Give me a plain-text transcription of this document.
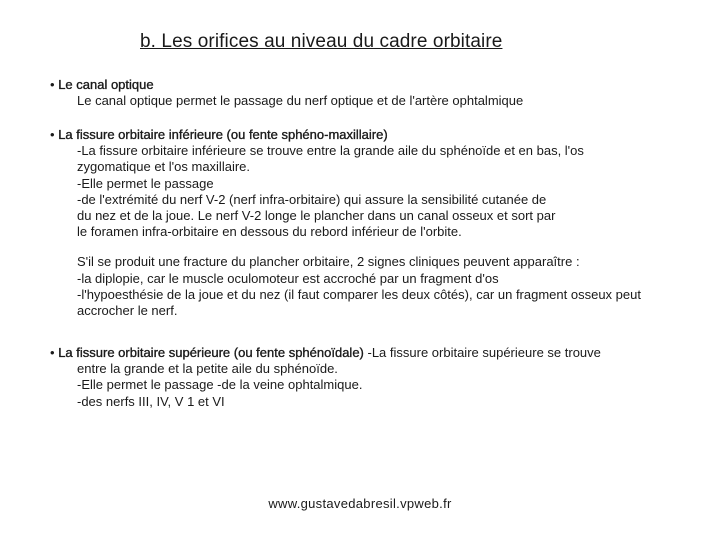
b. Les orifices au niveau du cadre orbitaire
• Le canal optique
Le canal optique permet le passage du nerf optique et de l'artère ophtalmique
• La fissure orbitaire inférieure (ou fente sphéno-maxillaire)
-La fissure orbitaire inférieure se trouve entre la grande aile du sphénoïde et en bas, l'os
zygomatique et l'os maxillaire.
-Elle permet le passage
-de l'extrémité du nerf V-2 (nerf infra-orbitaire) qui assure la sensibilité cutanée de
du nez et de la joue. Le nerf V-2 longe le plancher dans un canal osseux et sort par
le foramen infra-orbitaire en dessous du rebord inférieur de l'orbite.
S'il se produit une fracture du plancher orbitaire, 2 signes cliniques peuvent apparaître :
-la diplopie, car le muscle oculomoteur est accroché par un fragment d'os
-l'hypoesthésie de la joue et du nez (il faut comparer les deux côtés), car un fragment osseux peut
accrocher le nerf.
• La fissure orbitaire supérieure (ou fente sphénoïdale) -La fissure orbitaire supérieure se trouve
entre la grande et la petite aile du sphénoïde.
-Elle permet le passage -de la veine ophtalmique.
-des nerfs III, IV, V 1 et VI
www.gustavedabresil.vpweb.fr
